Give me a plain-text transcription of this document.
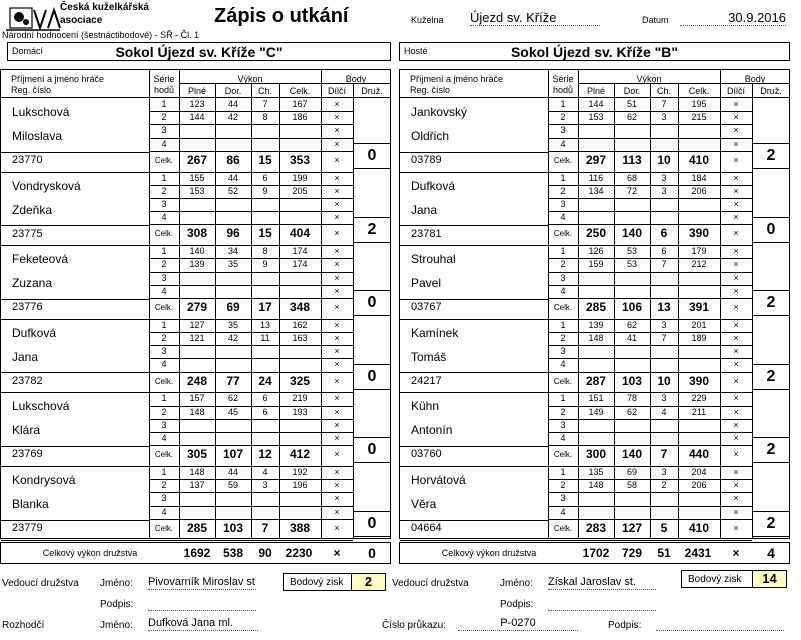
Česká kuželkářská
asociace
Národní hodnocení (šestnáctibodové) - SŘ - Čl. 1
Zápis o utkání	Kuželna Újezd sv. Kříže	Datum	30.9.2016
Domácí	Sokol Újezd sv. Kříže "C"	Hosté	Sokol Újezd sv. Kříže "B"
Příjmení a jméno hráče
Reg. číslo
Série
hodů
Výkon
Plné	Dor.	Ch.	Celk.
Body
Dílčí	Druž.
Lukschová
Miloslava
23770
1	123	44	7	167	×
2	144	42	8	186	×
3	×
4	×
Celk.	267	86	15	353	×	0
Vondrysková
Zdeňka
23775
1	155	44	6	199	×
2	153	52	9	205	×
3	×
4	×
Celk.	308	96	15	404	×	2
Feketeová
Zuzana
23776
1	140	34	8	174	×
2	139	35	9	174	×
3	×
4	×
Celk.	279	69	17	348	×	0
Dufková
Jana
23782
1	127	35	13	162	×
2	121	42	11	163	×
3	×
4	×
Celk.	248	77	24	325	×	0
Lukschová
Klára
23769
1	157	62	6	219	×
2	148	45	6	193	×
3	×
4	×
Celk.	305	107	12	412	×	0
Kondrysová
Blanka
23779
1	148	44	4	192	×
2	137	59	3	196	×
3	×
4	×
Celk.	285	103	7	388	×	0
Příjmení a jméno hráče
Reg. číslo
Série
hodů
Výkon
Plné	Dor.	Ch.	Celk.
Body
Dílčí	Druž.
Jankovský
Oldřich
03789
1	144	51	7	195	×
2	153	62	3	215	×
3	×
4	×
Celk.	297	113	10	410	×	2
Dufková
Jana
23781
1	116	68	3	184	×
2	134	72	3	206	×
3	×
4	×
Celk.	250	140	6	390	×	0
Strouhal
Pavel
03767
1	126	53	6	179	×
2	159	53	7	212	×
3	×
4	×
Celk.	285	106	13	391	×	2
Kamínek
Tomáš
24217
1	139	62	3	201	×
2	148	41	7	189	×
3	×
4	×
Celk.	287	103	10	390	×	2
Kühn
Antonín
03760
1	151	78	3	229	×
2	149	62	4	211	×
3	×
4	×
Celk.	300	140	7	440	×	2
Horvátová
Věra
04664
1	135	69	3	204	×
2	148	58	2	206	×
3	×
4	×
Celk.	283	127	5	410	×	2
Celkový výkon družstva	1692	538	90	2230	×	0	Celkový výkon družstva	1702	729	51	2431	×	4
Vedoucí družstva Jméno: Pivovarník Miroslav st	Bodový zisk	2
Podpis:
Vedoucí družstva	Jméno: Získal Jaroslav st.	Bodový zisk	14
Podpis:
Rozhodčí	Jméno: Dufková Jana ml.	Číslo průkazu:	P-0270	Podpis:
